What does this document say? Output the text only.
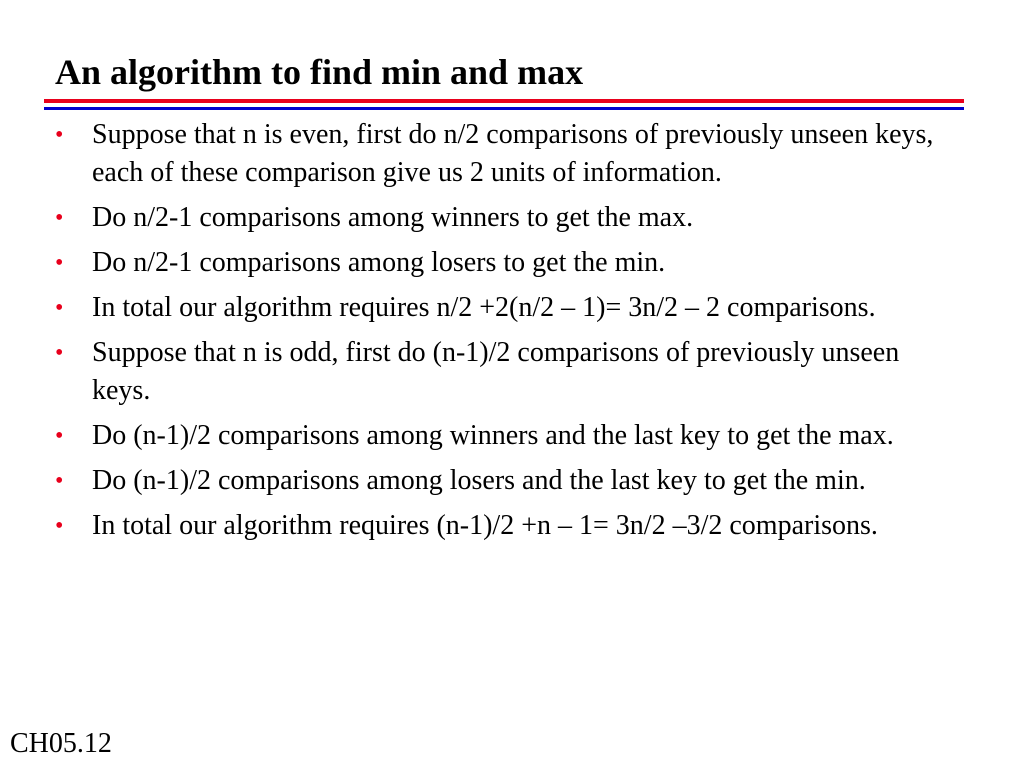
An algorithm to find min and max
• Suppose that n is even, first do n/2 comparisons of previously unseen keys, each of these comparison give us 2 units of information.
• Do n/2-1 comparisons among winners to get the max.
• Do n/2-1 comparisons among losers to get the min.
• In total our algorithm requires n/2 +2(n/2 – 1)= 3n/2 – 2 comparisons.
• Suppose that n is odd, first do (n-1)/2 comparisons of previously unseen keys.
• Do (n-1)/2 comparisons among winners and the last key to get the max.
• Do (n-1)/2 comparisons among losers and the last key to get the min.
• In total our algorithm requires (n-1)/2 +n – 1= 3n/2 –3/2 comparisons.
CH05.12
